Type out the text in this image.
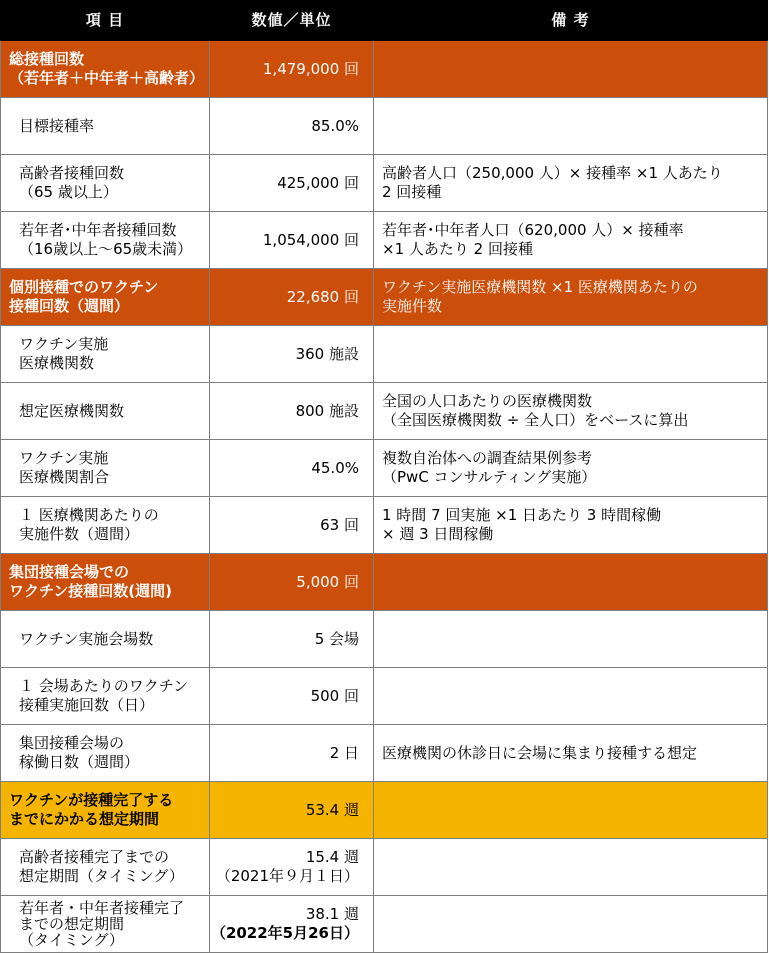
項 目	数値／単位	備 考

総接種回数
（若年者＋中年者＋高齢者）	1,479,000 回	

目標接種率	85.0%	

高齢者接種回数
（65 歳以上）	425,000 回	高齢者人口（250,000 人）× 接種率 ×1 人あたり
2 回接種

若年者･中年者接種回数
（16歳以上～65歳未満）	1,054,000 回	若年者･中年者人口（620,000 人）× 接種率
×1 人あたり 2 回接種

個別接種でのワクチン
接種回数（週間）	22,680 回	ワクチン実施医療機関数 ×1 医療機関あたりの
実施件数

ワクチン実施
医療機関数	360 施設	

想定医療機関数	800 施設	全国の人口あたりの医療機関数
（全国医療機関数 ÷ 全人口）をベースに算出

ワクチン実施
医療機関割合	45.0%	複数自治体への調査結果例参考
（PwC コンサルティング実施）

１ 医療機関あたりの
実施件数（週間）	63 回	1 時間 7 回実施 ×1 日あたり 3 時間稼働
× 週 3 日間稼働

集団接種会場での
ワクチン接種回数(週間)	5,000 回	

ワクチン実施会場数	5 会場	

１ 会場あたりのワクチン
接種実施回数（日）	500 回	

集団接種会場の
稼働日数（週間）	2 日	医療機関の休診日に会場に集まり接種する想定

ワクチンが接種完了する
までにかかる想定期間	53.4 週	

高齢者接種完了までの
想定期間（タイミング）	15.4 週
（2021年９月１日）	

若年者・中年者接種完了
までの想定期間
（タイミング）	38.1 週
（2022年5月26日）	
